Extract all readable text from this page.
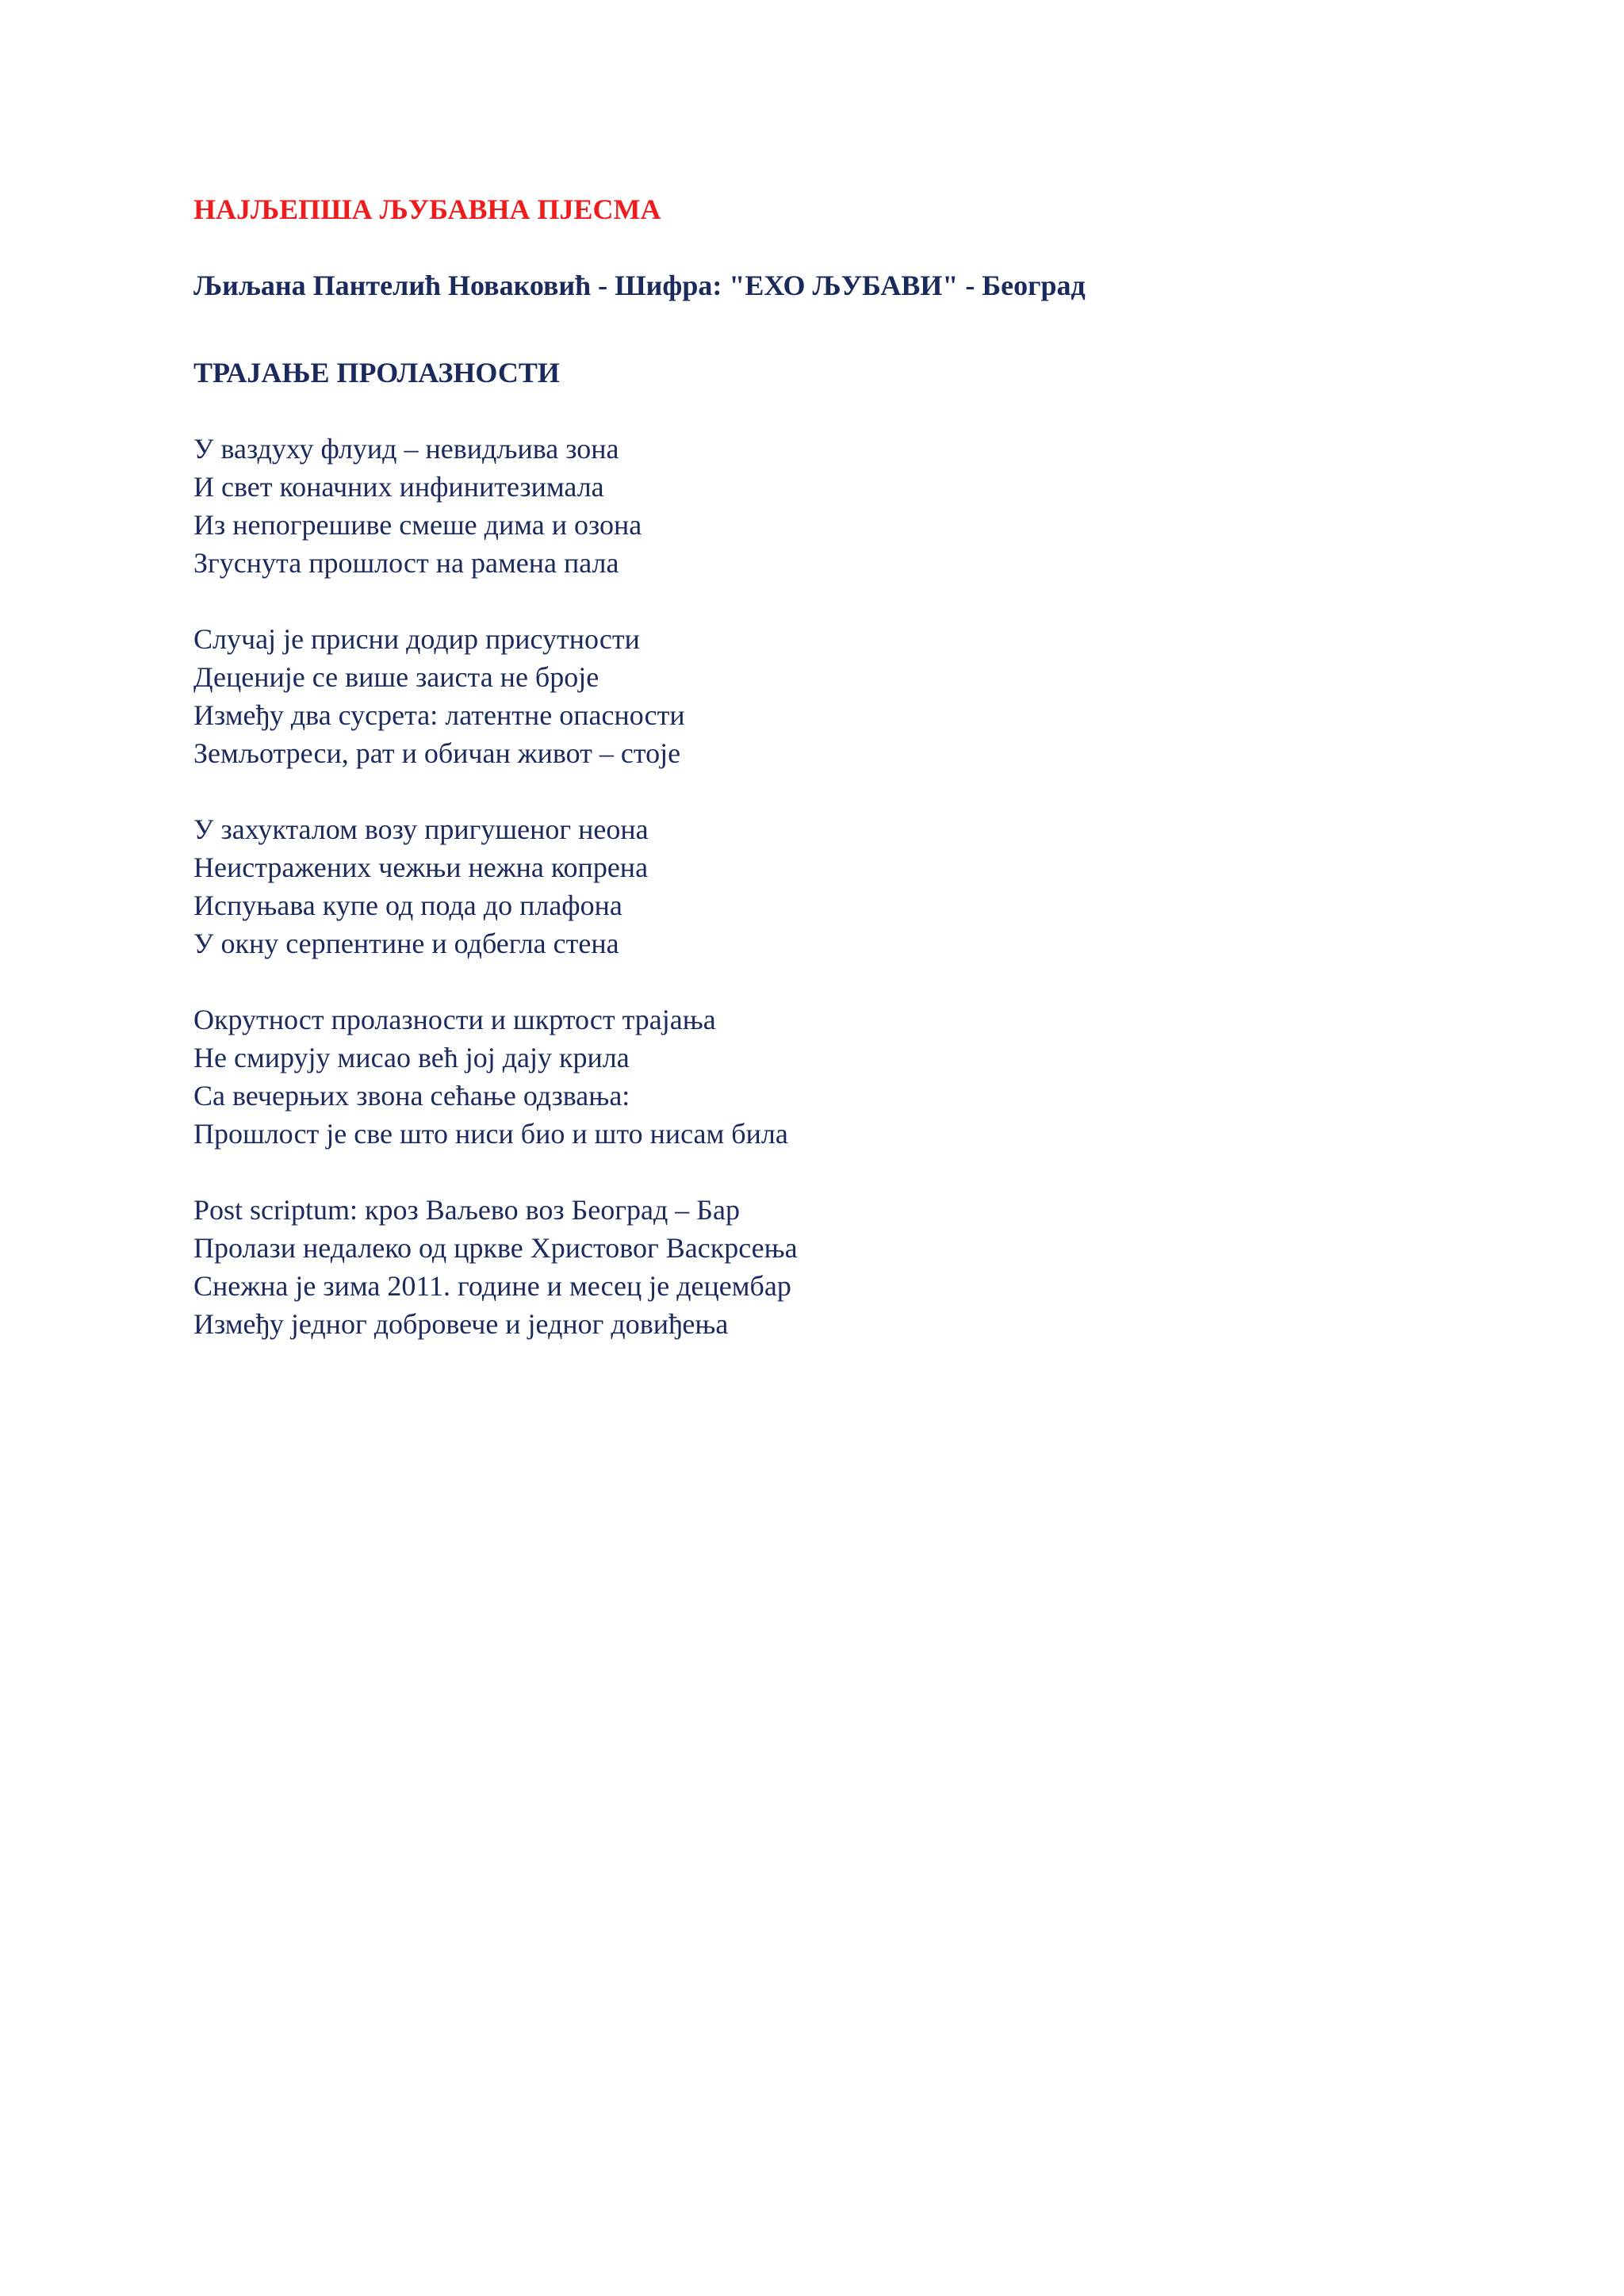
НАЈЉЕПША ЉУБАВНА ПЈЕСМА
Љиљана Пантелић Новаковић - Шифра: "ЕХО ЉУБАВИ" - Београд
ТРАЈАЊЕ ПРОЛАЗНОСТИ
У ваздуху флуид – невидљива зона
И свет коначних инфинитезимала
Из непогрешиве смеше дима и озона
Згуснута прошлост на рамена пала
Случај је присни додир присутности
Деценије се више заиста не броје
Између два сусрета: латентне опасности
Земљотреси, рат и обичан живот – стоје
У захукталом возу пригушеног неона
Неистражених чежњи нежна копрена
Испуњава купе од пода до плафона
У окну серпентине и одбегла стена
Окрутност пролазности и шкртост трајања
Не смирују мисао већ јој дају крила
Са вечерњих звона сећање одзвања:
Прошлост је све што ниси био и што нисам била
Post scriptum: кроз Ваљево воз Београд – Бар
Пролази недалеко од цркве Христовог Васкрсења
Снежна је зима 2011. године и месец је децембар
Између једног добровече и једног довиђења
